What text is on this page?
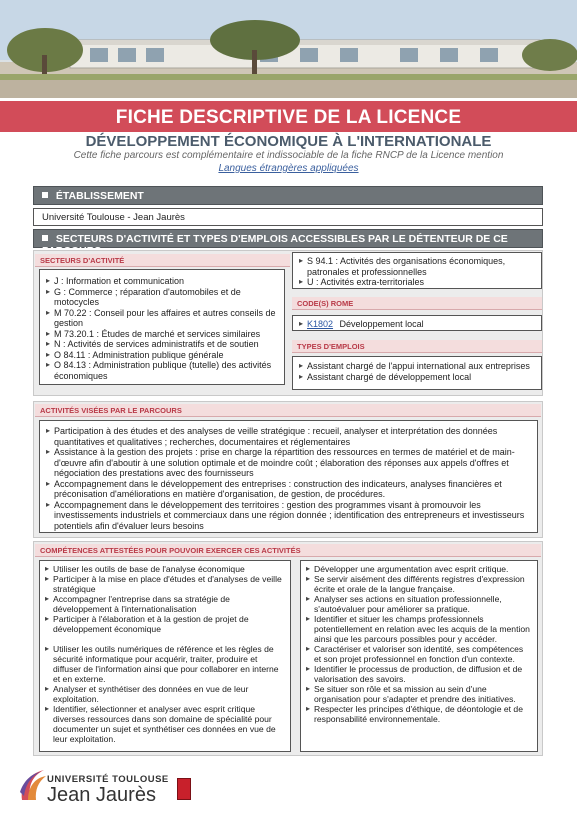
FICHE DESCRIPTIVE DE LA LICENCE
DÉVELOPPEMENT ÉCONOMIQUE À L'INTERNATIONALE
Cette fiche parcours est complémentaire et indissociable de la fiche RNCP de la Licence mention
Langues étrangères appliquées
ÉTABLISSEMENT
Université Toulouse - Jean Jaurès
SECTEURS D'ACTIVITÉ ET TYPES D'EMPLOIS ACCESSIBLES PAR LE DÉTENTEUR DE CE
SECTEURS D'ACTIVITÉ
▸ J : Information et communication
▸ G : Commerce ; réparation d'automobiles et de motocycles
▸ M 70.22 : Conseil pour les affaires et autres conseils de gestion
▸ M 73.20.1 : Études de marché et services similaires
▸ N : Activités de services administratifs et de soutien
▸ O 84.11 : Administration publique générale
▸ O 84.13 : Administration publique (tutelle) des activités économiques
▸ S 94.1 : Activités des organisations économiques, patronales et professionnelles
▸ U : Activités extra-territoriales
CODE(S) ROME
▸ K1802 Développement local
TYPES D'EMPLOIS
▸ Assistant chargé de l'appui international aux entreprises
▸ Assistant chargé de développement local
ACTIVITÉS VISÉES PAR LE PARCOURS
▸ Participation à des études et des analyses de veille stratégique : recueil, analyser et interprétation des données quantitatives et qualitatives ; recherches, documentaires et réglementaires
▸ Assistance à la gestion des projets : prise en charge la répartition des ressources en termes de matériel et de main-d'œuvre afin d'aboutir à une solution optimale et de moindre coût ; élaboration des réponses aux appels d'offres et négociation des prestations avec des fournisseurs
▸ Accompagnement dans le développement des entreprises : construction des indicateurs, analyses financières et préconisation d'améliorations en matière d'organisation, de gestion, de procédures.
▸ Accompagnement dans le développement des territoires : gestion des programmes visant à promouvoir les investissements industriels et commerciaux dans une région donnée ; identification des entrepreneurs et investisseurs potentiels afin d'évaluer leurs besoins
COMPÉTENCES ATTESTÉES POUR POUVOIR EXERCER CES ACTIVITÉS
▸ Utiliser les outils de base de l'analyse économique
▸ Participer à la mise en place d'études et d'analyses de veille stratégique
▸ Accompagner l'entreprise dans sa stratégie de développement à l'internationalisation
▸ Participer à l'élaboration et à la gestion de projet de développement économique
▸ Utiliser les outils numériques de référence et les règles de sécurité informatique pour acquérir, traiter, produire et diffuser de l'information ainsi que pour collaborer en interne et en externe.
▸ Analyser et synthétiser des données en vue de leur exploitation.
▸ Identifier, sélectionner et analyser avec esprit critique diverses ressources dans son domaine de spécialité pour documenter un sujet et synthétiser ces données en vue de leur exploitation.
▸ Développer une argumentation avec esprit critique.
▸ Se servir aisément des différents registres d'expression écrite et orale de la langue française.
▸ Analyser ses actions en situation professionnelle, s'autoévaluer pour améliorer sa pratique.
▸ Identifier et situer les champs professionnels potentiellement en relation avec les acquis de la mention ainsi que les parcours possibles pour y accéder.
▸ Caractériser et valoriser son identité, ses compétences et son projet professionnel en fonction d'un contexte.
▸ Identifier le processus de production, de diffusion et de valorisation des savoirs.
▸ Se situer son rôle et sa mission au sein d'une organisation pour s'adapter et prendre des initiatives.
▸ Respecter les principes d'éthique, de déontologie et de responsabilité environnementale.
UNIVERSITÉ TOULOUSE
Jean Jaurès
